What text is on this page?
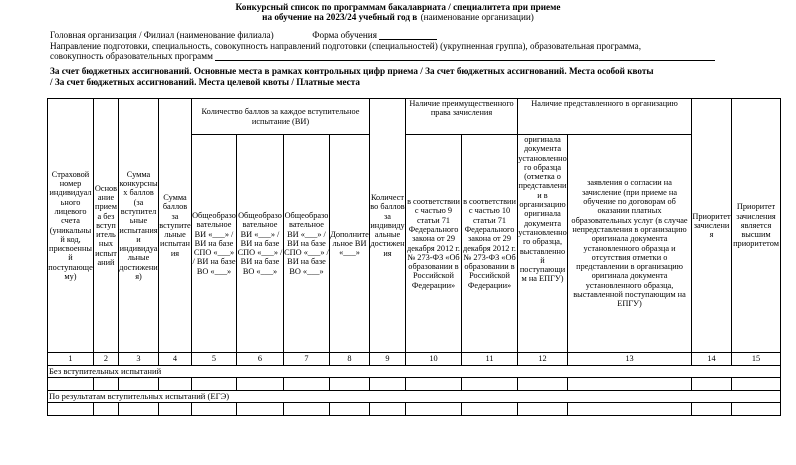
Конкурсный список по программам бакалавриата / специалитета при приеме
на обучение на 2023/24 учебный год в (наименование организации)
Головная организация / Филиал (наименование филиала)	Форма обучения
Направление подготовки, специальность, совокупность направлений подготовки (специальностей) (укрупненная группа), образовательная программа,
совокупность образовательных программ
За счет бюджетных ассигнований. Основные места в рамках контрольных цифр приема / За счет бюджетных ассигнований. Места особой квоты
/ За счет бюджетных ассигнований. Места целевой квоты / Платные места
Страховой номер индивидуального лицевого счета (уникальный код, присвоенный поступающему)	Основание приема без вступительных испытаний	Сумма конкурсных баллов (за вступительные испытания и индивидуальные достижения)	Сумма баллов за вступительные испытания	Количество баллов за каждое вступительное испытание (ВИ)				Количество баллов за индивидуальные достижения	Наличие преимущественного права зачисления		Наличие представленного в организацию		Приоритет зачисления	Приоритет зачисления является высшим приоритетом
				Общеобразовательное ВИ «___» / ВИ на базе СПО «___» / ВИ на базе ВО «___»	Общеобразовательное ВИ «___» / ВИ на базе СПО «___» / ВИ на базе ВО «___»	Общеобразовательное ВИ «___» / ВИ на базе СПО «___» / ВИ на базе ВО «___»	Дополнительное ВИ «___»		в соответствии с частью 9 статьи 71 Федерального закона от 29 декабря 2012 г. № 273-ФЗ «Об образовании в Российской Федерации»	в соответствии с частью 10 статьи 71 Федерального закона от 29 декабря 2012 г. № 273-ФЗ «Об образовании в Российской Федерации»	оригинала документа установленного образца (отметка о представлении в организацию оригинала документа установленного образца, выставленной поступающим на ЕПГУ)	заявления о согласии на зачисление (при приеме на обучение по договорам об оказании платных образовательных услуг (в случае непредставления в организацию оригинала документа установленного образца и отсутствия отметки о представлении в организацию оригинала документа установленного образца, выставленной поступающим на ЕПГУ)		
1	2	3	4	5	6	7	8	9	10	11	12	13	14	15
Без вступительных испытаний														

По результатам вступительных испытаний (ЕГЭ)														
